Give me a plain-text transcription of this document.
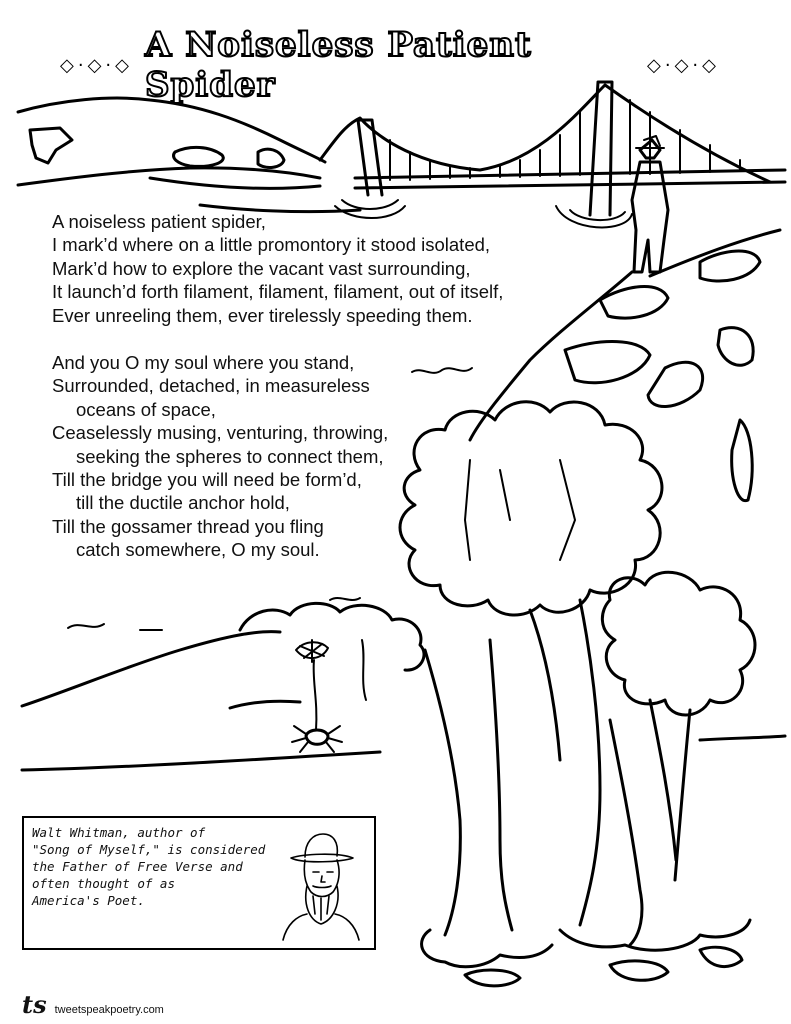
◇·◇·◇ A Noiseless Patient Spider	◇·◇·◇
A noiseless patient spider,
I mark’d where on a little promontory it stood isolated,
Mark’d how to explore the vacant vast surrounding,
It launch’d forth filament, filament, filament, out of itself,
Ever unreeling them, ever tirelessly speeding them.
And you O my soul where you stand,
Surrounded, detached, in measureless
oceans of space,
Ceaselessly musing, venturing, throwing,
seeking the spheres to connect them,
Till the bridge you will need be form’d,
till the ductile anchor hold,
Till the gossamer thread you fling
catch somewhere, O my soul.
Walt Whitman, author of
"Song of Myself," is considered
the Father of Free Verse and
often thought of as
America's Poet.
ts tweetspeakpoetry.com
